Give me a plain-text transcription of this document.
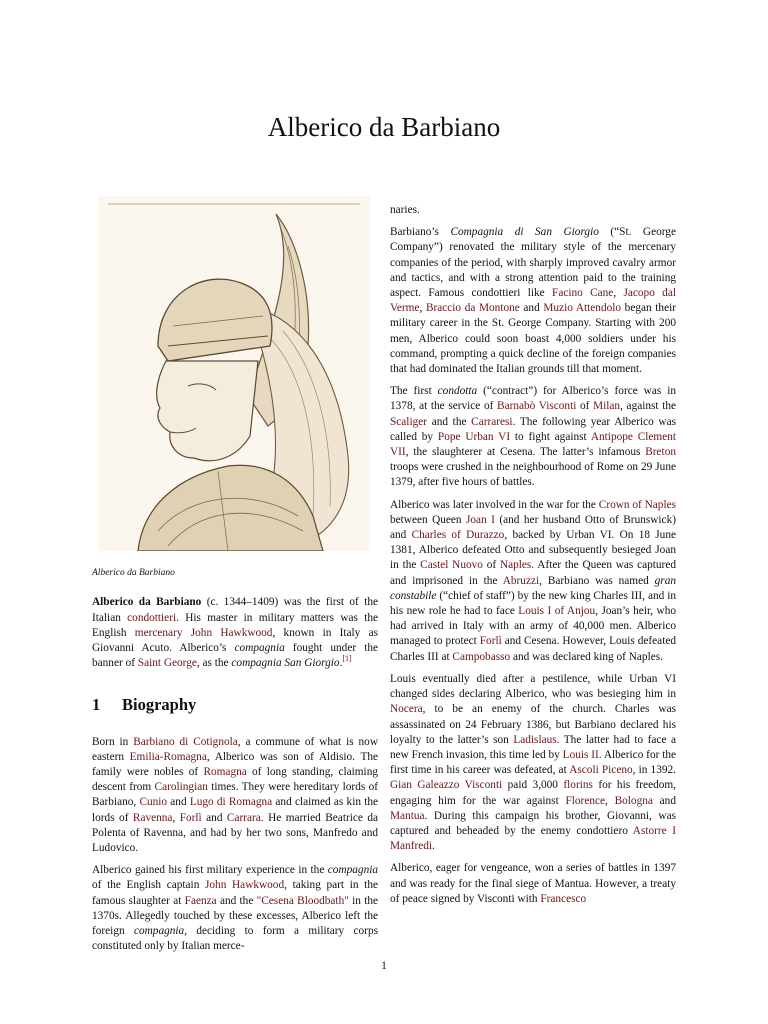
Alberico da Barbiano
Alberico da Barbiano

Alberico da Barbiano (c. 1344–1409) was the first of the Italian condottieri. His master in military matters was the English mercenary John Hawkwood, known in Italy as Giovanni Acuto. Alberico’s compagnia fought under the banner of Saint George, as the compagnia San Giorgio.[1]

1 Biography

Born in Barbiano di Cotignola, a commune of what is now eastern Emilia-Romagna, Alberico was son of Aldisio. The family were nobles of Romagna of long standing, claiming descent from Carolingian times. They were hereditary lords of Barbiano, Cunio and Lugo di Romagna and claimed as kin the lords of Ravenna, Forlì and Carrara. He married Beatrice da Polenta of Ravenna, and had by her two sons, Manfredo and Ludovico.

Alberico gained his first military experience in the compagnia of the English captain John Hawkwood, taking part in the famous slaughter at Faenza and the "Cesena Bloodbath" in the 1370s. Allegedly touched by these excesses, Alberico left the foreign compagnia, deciding to form a military corps constituted only by Italian merce-

naries.

Barbiano’s Compagnia di San Giorgio (“St. George Company”) renovated the military style of the mercenary companies of the period, with sharply improved cavalry armor and tactics, and with a strong attention paid to the training aspect. Famous condottieri like Facino Cane, Jacopo dal Verme, Braccio da Montone and Muzio Attendolo began their military career in the St. George Company. Starting with 200 men, Alberico could soon boast 4,000 soldiers under his command, prompting a quick decline of the foreign companies that had dominated the Italian grounds till that moment.

The first condotta (“contract”) for Alberico’s force was in 1378, at the service of Barnabò Visconti of Milan, against the Scaliger and the Carraresi. The following year Alberico was called by Pope Urban VI to fight against Antipope Clement VII, the slaughterer at Cesena. The latter’s infamous Breton troops were crushed in the neighbourhood of Rome on 29 June 1379, after five hours of battles.

Alberico was later involved in the war for the Crown of Naples between Queen Joan I (and her husband Otto of Brunswick) and Charles of Durazzo, backed by Urban VI. On 18 June 1381, Alberico defeated Otto and subsequently besieged Joan in the Castel Nuovo of Naples. After the Queen was captured and imprisoned in the Abruzzi, Barbiano was named gran constabile (“chief of staff”) by the new king Charles III, and in his new role he had to face Louis I of Anjou, Joan’s heir, who had arrived in Italy with an army of 40,000 men. Alberico managed to protect Forlì and Cesena. However, Louis defeated Charles III at Campobasso and was declared king of Naples.

Louis eventually died after a pestilence, while Urban VI changed sides declaring Alberico, who was besieging him in Nocera, to be an enemy of the church. Charles was assassinated on 24 February 1386, but Barbiano declared his loyalty to the latter’s son Ladislaus. The latter had to face a new French invasion, this time led by Louis II. Alberico for the first time in his career was defeated, at Ascoli Piceno, in 1392. Gian Galeazzo Visconti paid 3,000 florins for his freedom, engaging him for the war against Florence, Bologna and Mantua. During this campaign his brother, Giovanni, was captured and beheaded by the enemy condottiero Astorre I Manfredi.

Alberico, eager for vengeance, won a series of battles in 1397 and was ready for the final siege of Mantua. However, a treaty of peace signed by Visconti with Francesco

1
